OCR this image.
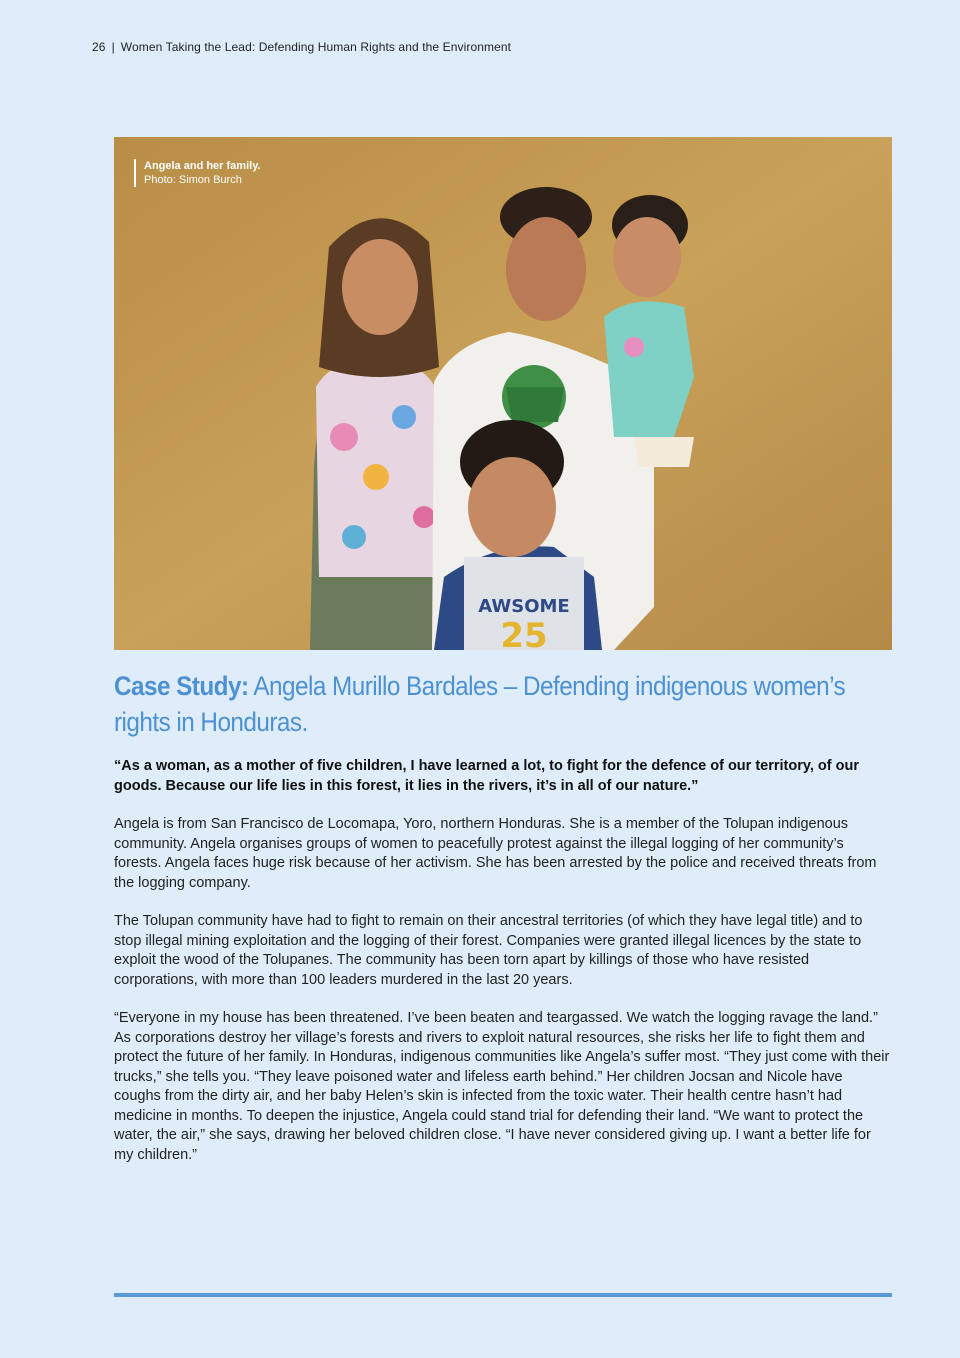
26 | Women Taking the Lead: Defending Human Rights and the Environment
AWSOME
25
Angela and her family.
Photo: Simon Burch
Case Study: Angela Murillo Bardales – Defending indigenous women’s rights in Honduras.
“As a woman, as a mother of five children, I have learned a lot, to fight for the defence of our territory, of our goods. Because our life lies in this forest, it lies in the rivers, it’s in all of our nature.”

Angela is from San Francisco de Locomapa, Yoro, northern Honduras. She is a member of the Tolupan indigenous community. Angela organises groups of women to peacefully protest against the illegal logging of her community’s forests. Angela faces huge risk because of her activism. She has been arrested by the police and received threats from the logging company.

The Tolupan community have had to fight to remain on their ancestral territories (of which they have legal title) and to stop illegal mining exploitation and the logging of their forest. Companies were granted illegal licences by the state to exploit the wood of the Tolupanes. The community has been torn apart by killings of those who have resisted corporations, with more than 100 leaders murdered in the last 20 years.

“Everyone in my house has been threatened. I’ve been beaten and teargassed. We watch the logging ravage the land.” As corporations destroy her village’s forests and rivers to exploit natural resources, she risks her life to fight them and protect the future of her family. In Honduras, indigenous communities like Angela’s suffer most. “They just come with their trucks,” she tells you. “They leave poisoned water and lifeless earth behind.” Her children Jocsan and Nicole have coughs from the dirty air, and her baby Helen’s skin is infected from the toxic water. Their health centre hasn’t had medicine in months. To deepen the injustice, Angela could stand trial for defending their land. “We want to protect the water, the air,” she says, drawing her beloved children close. “I have never considered giving up. I want a better life for my children.”
